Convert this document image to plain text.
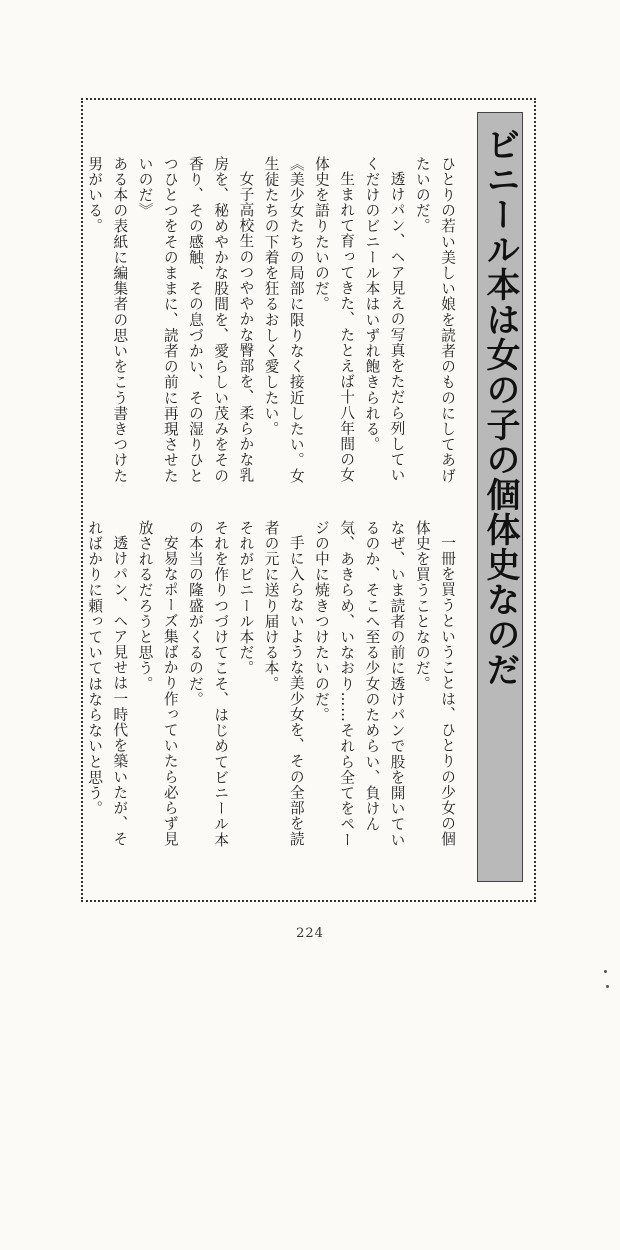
ビニール本は女の子の個体史なのだ
ひとりの若い美しい娘を読者のものにしてあげたいのだ。
透けパン、ヘア見えの写真をただら列していくだけのビニール本はいずれ飽きられる。
生まれて育ってきた、たとえば十八年間の女体史を語りたいのだ。
《美少女たちの局部に限りなく接近したい。女生徒たちの下着を狂るおしく愛したい。
女子高校生のつややかな臀部を、柔らかな乳房を、秘めやかな股間を、愛らしい茂みをその香り、その感触、その息づかい、その湿りひとつひとつをそのままに、読者の前に再現させたいのだ》
ある本の表紙に編集者の思いをこう書きつけた男がいる。
一冊を買うということは、ひとりの少女の個体史を買うことなのだ。
なぜ、いま読者の前に透けパンで股を開いているのか、そこへ至る少女のためらい、負けん気、あきらめ、いなおり……それら全てをページの中に焼きつけたいのだ。
手に入らないような美少女を、その全部を読者の元に送り届ける本。
それがビニール本だ。
それを作りつづけてこそ、はじめてビニール本の本当の隆盛がくるのだ。
安易なポーズ集ばかり作っていたら必らず見放されるだろうと思う。
透けパン、ヘア見せは一時代を築いたが、そればかりに頼っていてはならないと思う。
224
